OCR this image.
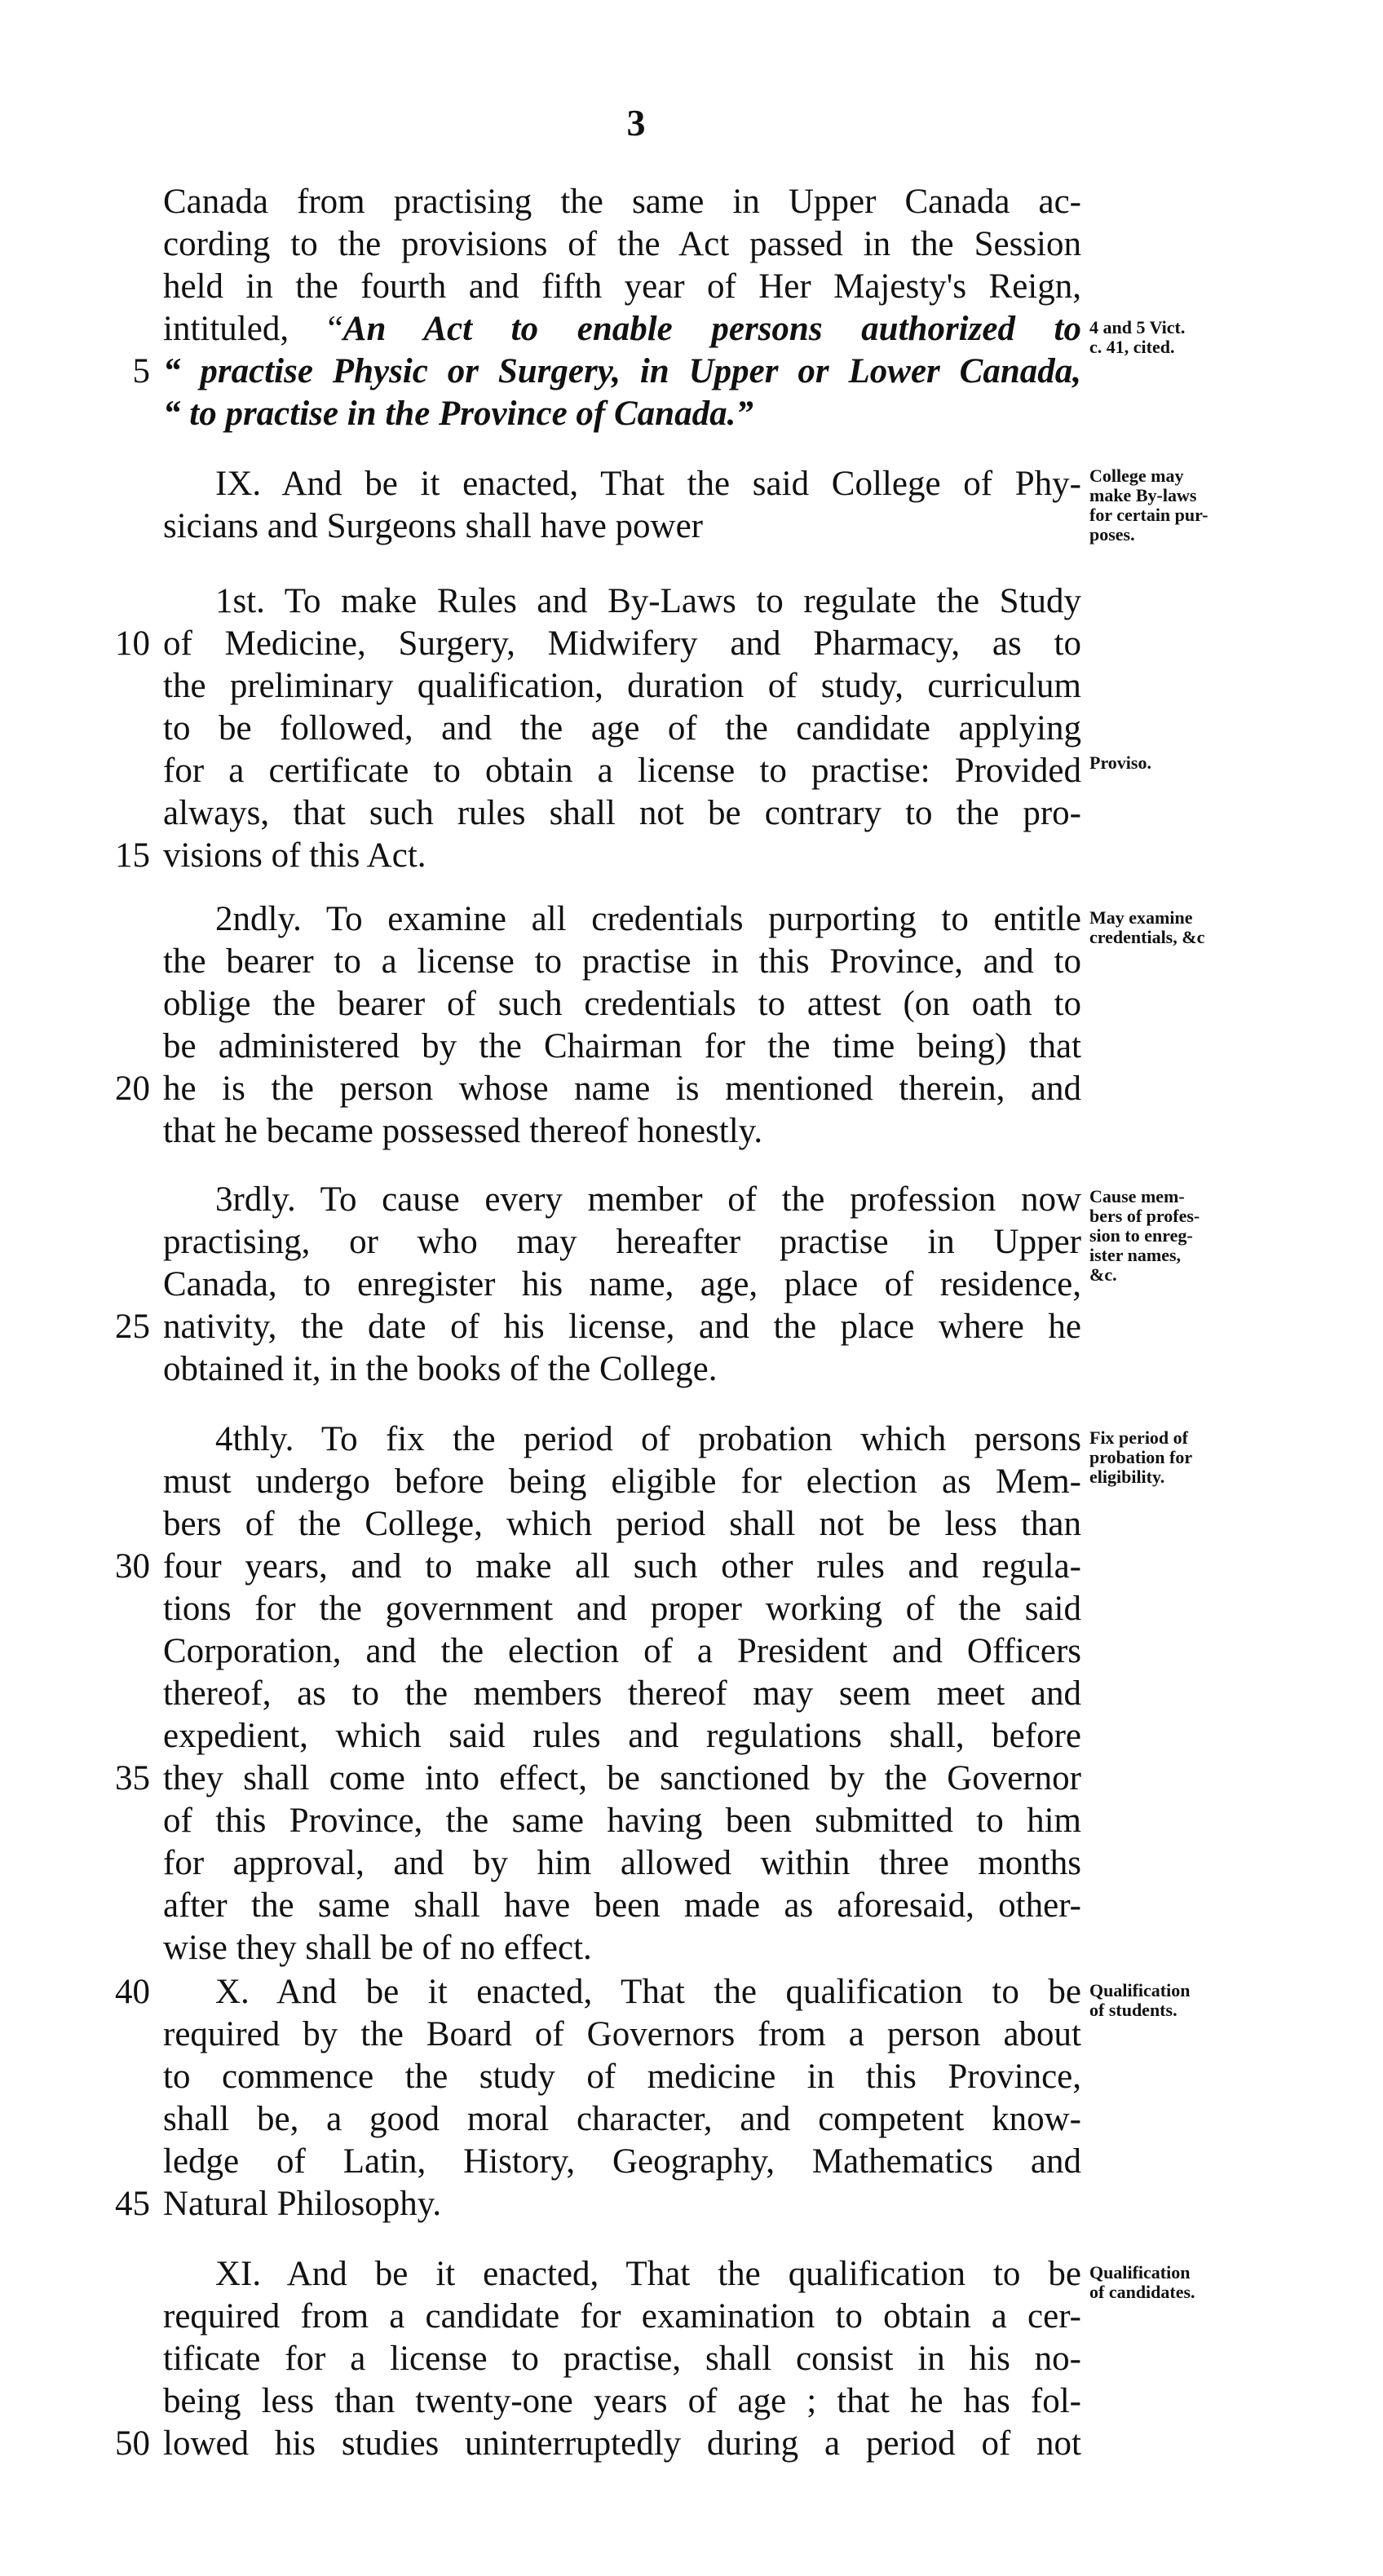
3
Canada from practising the same in Upper Canada ac-
cording to the provisions of the Act passed in the Session
held in the fourth and fifth year of Her Majesty's Reign,
intituled, “An Act to enable persons authorized to
5 “ practise Physic or Surgery, in Upper or Lower Canada,
“ to practise in the Province of Canada.”
IX. And be it enacted, That the said College of Phy-
sicians and Surgeons shall have power
1st. To make Rules and By-Laws to regulate the Study
10 of Medicine, Surgery, Midwifery and Pharmacy, as to
the preliminary qualification, duration of study, curriculum
to be followed, and the age of the candidate applying
for a certificate to obtain a license to practise: Provided
always, that such rules shall not be contrary to the pro-
15 visions of this Act.
2ndly. To examine all credentials purporting to entitle
the bearer to a license to practise in this Province, and to
oblige the bearer of such credentials to attest (on oath to
be administered by the Chairman for the time being) that
20 he is the person whose name is mentioned therein, and
that he became possessed thereof honestly.
3rdly. To cause every member of the profession now
practising, or who may hereafter practise in Upper
Canada, to enregister his name, age, place of residence,
25 nativity, the date of his license, and the place where he
obtained it, in the books of the College.
4thly. To fix the period of probation which persons
must undergo before being eligible for election as Mem-
bers of the College, which period shall not be less than
30 four years, and to make all such other rules and regula-
tions for the government and proper working of the said
Corporation, and the election of a President and Officers
thereof, as to the members thereof may seem meet and
expedient, which said rules and regulations shall, before
35 they shall come into effect, be sanctioned by the Governor
of this Province, the same having been submitted to him
for approval, and by him allowed within three months
after the same shall have been made as aforesaid, other-
wise they shall be of no effect.
40 X. And be it enacted, That the qualification to be
required by the Board of Governors from a person about
to commence the study of medicine in this Province,
shall be, a good moral character, and competent know-
ledge of Latin, History, Geography, Mathematics and
45 Natural Philosophy.
XI. And be it enacted, That the qualification to be
required from a candidate for examination to obtain a cer-
tificate for a license to practise, shall consist in his no-
being less than twenty-one years of age ; that he has fol-
50 lowed his studies uninterruptedly during a period of not
4 and 5 Vict.
c. 41, cited.
College may
make By-laws
for certain pur-
poses.
Proviso.
May examine
credentials, &c
Cause mem-
bers of profes-
sion to enreg-
ister names,
&c.
Fix period of
probation for
eligibility.
Qualification
of students.
Qualification
of candidates.
